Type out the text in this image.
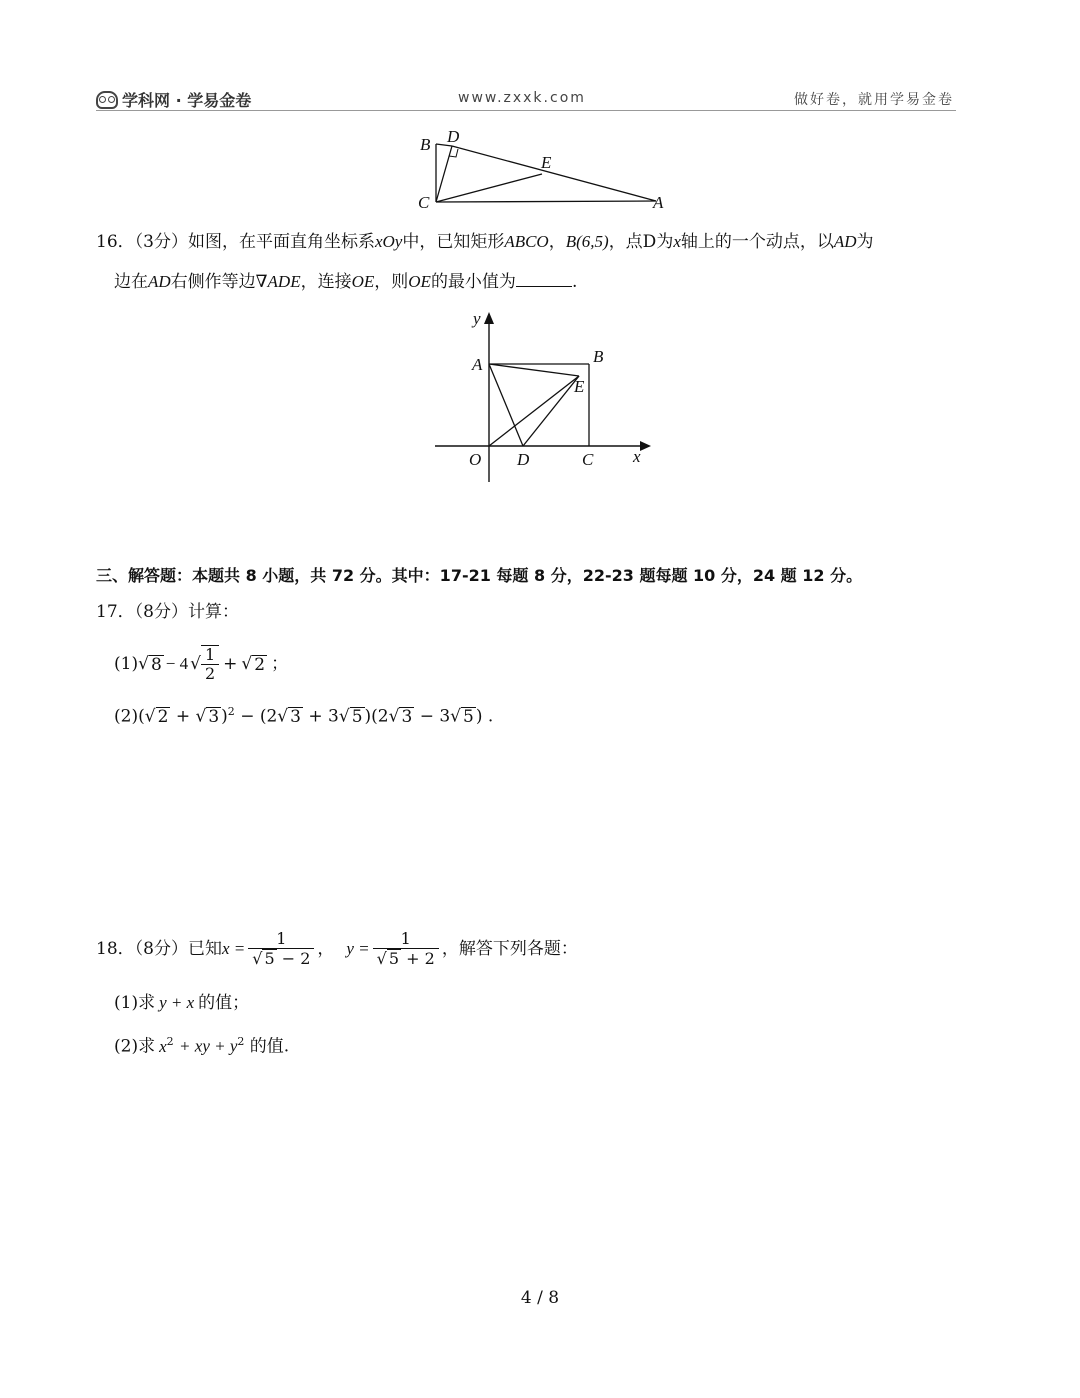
学科网 · 学易金卷	www.zxxk.com	做好卷，就用学易金卷
B D
E
C	A
16．（3分）如图，在平面直角坐标系xOy中，已知矩形ABCO，B(6,5)，点D为x轴上的一个动点，以AD为
边在AD右侧作等边∇ADE，连接OE，则OE的最小值为	.
y
A	B
E
O D	C x
三、解答题：本题共 8 小题，共 72 分。其中：17-21 每题 8 分，22-23 题每题 10 分，24 题 12 分。
17．（8分）计算：
(1) √ 8 − 4 √ $\frac{1}{2}$ + √ 2 ；
(2)(√ 2 + √ 3 )$^2$ − (2√ 3 + 3√ 5 )(2√ 3 − 3√ 5 ) .
18．（8分）已知 $x = \frac{1}{√ 5 - 2}$ ， $y = \frac{1}{√ 5 + 2}$ ，解答下列各题：
(1)求 y + x 的值；
(2)求 $x^2$ + xy + $y^2$ 的值.
4 / 8
